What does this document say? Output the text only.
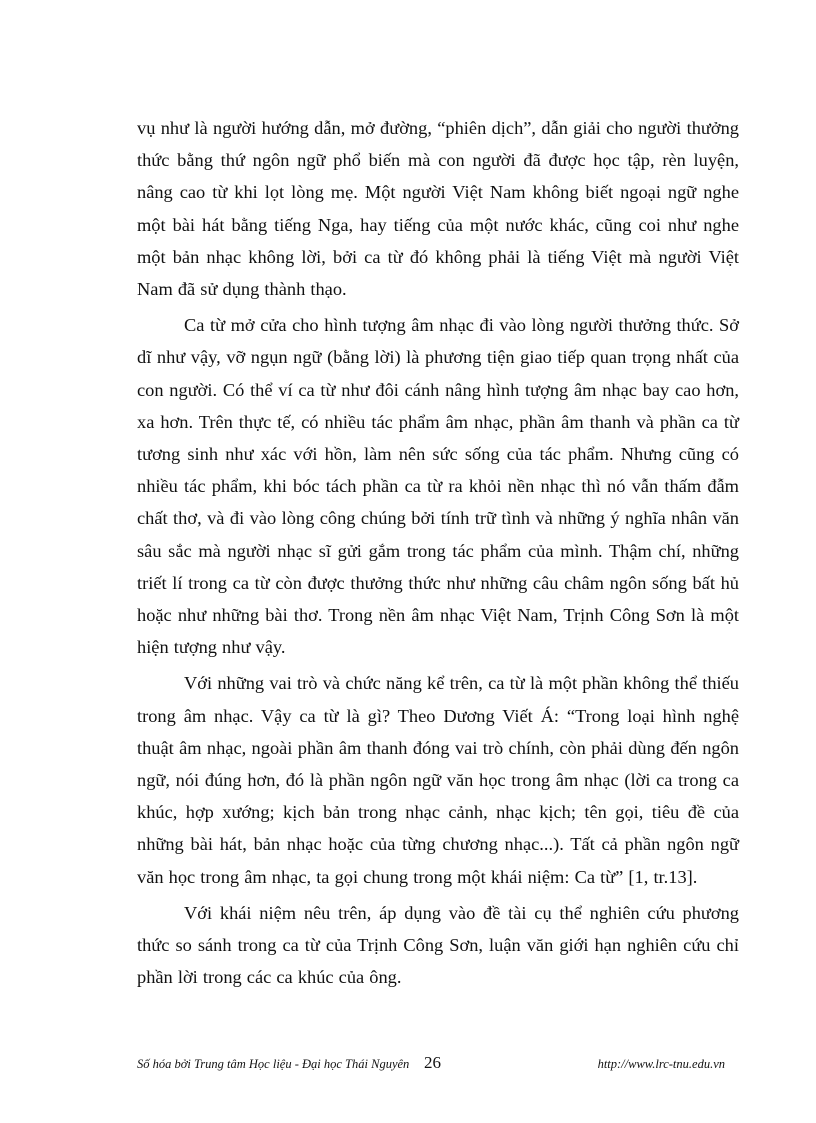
vụ như là người hướng dẫn, mở đường, “phiên dịch”, dẫn giải cho người thưởng thức bằng thứ ngôn ngữ phổ biến mà con người đã được học tập, rèn luyện, nâng cao từ khi lọt lòng mẹ. Một người Việt Nam không biết ngoại ngữ nghe một bài hát bằng tiếng Nga, hay tiếng của một nước khác, cũng coi như nghe một bản nhạc không lời, bởi ca từ đó không phải là tiếng Việt mà người Việt Nam đã sử dụng thành thạo.

Ca từ mở cửa cho hình tượng âm nhạc đi vào lòng người thưởng thức. Sở dĩ như vậy, vỡ ngụn ngữ (bằng lời) là phương tiện giao tiếp quan trọng nhất của con người. Có thể ví ca từ như đôi cánh nâng hình tượng âm nhạc bay cao hơn, xa hơn. Trên thực tế, có nhiều tác phẩm âm nhạc, phần âm thanh và phần ca từ tương sinh như xác với hồn, làm nên sức sống của tác phẩm. Nhưng cũng có nhiều tác phẩm, khi bóc tách phần ca từ ra khỏi nền nhạc thì nó vẫn thấm đẫm chất thơ, và đi vào lòng công chúng bởi tính trữ tình và những ý nghĩa nhân văn sâu sắc mà người nhạc sĩ gửi gắm trong tác phẩm của mình. Thậm chí, những triết lí trong ca từ còn được thưởng thức như những câu châm ngôn sống bất hủ hoặc như những bài thơ. Trong nền âm nhạc Việt Nam, Trịnh Công Sơn là một hiện tượng như vậy.

Với những vai trò và chức năng kể trên, ca từ là một phần không thể thiếu trong âm nhạc. Vậy ca từ là gì? Theo Dương Viết Á: “Trong loại hình nghệ thuật âm nhạc, ngoài phần âm thanh đóng vai trò chính, còn phải dùng đến ngôn ngữ, nói đúng hơn, đó là phần ngôn ngữ văn học trong âm nhạc (lời ca trong ca khúc, hợp xướng; kịch bản trong nhạc cảnh, nhạc kịch; tên gọi, tiêu đề của những bài hát, bản nhạc hoặc của từng chương nhạc...). Tất cả phần ngôn ngữ văn học trong âm nhạc, ta gọi chung trong một khái niệm: Ca từ” [1, tr.13].

Với khái niệm nêu trên, áp dụng vào đề tài cụ thể nghiên cứu phương thức so sánh trong ca từ của Trịnh Công Sơn, luận văn giới hạn nghiên cứu chỉ phần lời trong các ca khúc của ông.

Số hóa bởi Trung tâm Học liệu - Đại học Thái Nguyên 26	http://www.lrc-tnu.edu.vn
